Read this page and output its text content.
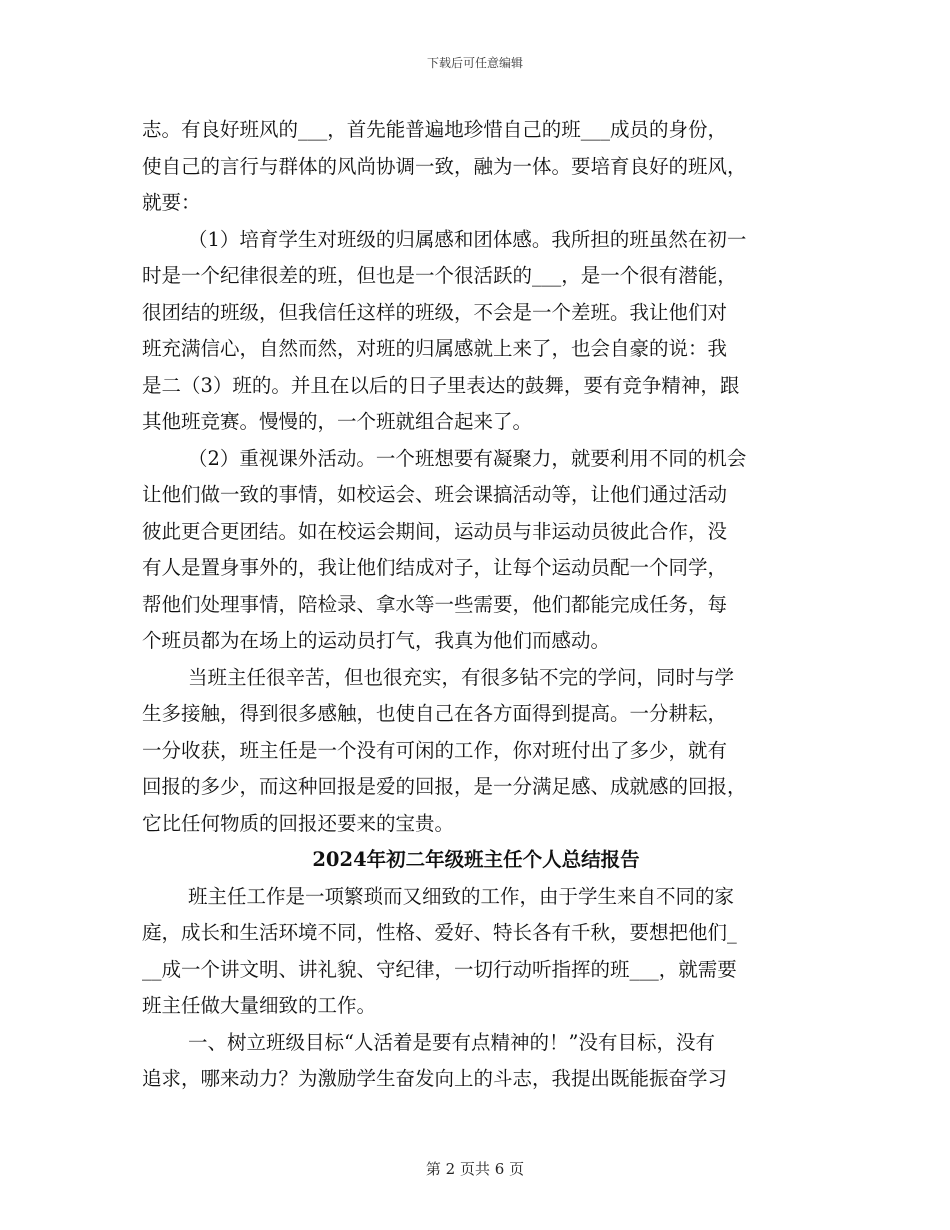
下载后可任意编辑
志。有良好班风的___，首先能普遍地珍惜自己的班___成员的身份，
使自己的言行与群体的风尚协调一致，融为一体。要培育良好的班风，
就要：
（1）培育学生对班级的归属感和团体感。我所担的班虽然在初一
时是一个纪律很差的班，但也是一个很活跃的___，是一个很有潜能，
很团结的班级，但我信任这样的班级，不会是一个差班。我让他们对
班充满信心，自然而然，对班的归属感就上来了，也会自豪的说：我
是二（3）班的。并且在以后的日子里表达的鼓舞，要有竞争精神，跟
其他班竞赛。慢慢的，一个班就组合起来了。
（2）重视课外活动。一个班想要有凝聚力，就要利用不同的机会
让他们做一致的事情，如校运会、班会课搞活动等，让他们通过活动
彼此更合更团结。如在校运会期间，运动员与非运动员彼此合作，没
有人是置身事外的，我让他们结成对子，让每个运动员配一个同学，
帮他们处理事情，陪检录、拿水等一些需要，他们都能完成任务，每
个班员都为在场上的运动员打气，我真为他们而感动。
当班主任很辛苦，但也很充实，有很多钻不完的学问，同时与学
生多接触，得到很多感触，也使自己在各方面得到提高。一分耕耘，
一分收获，班主任是一个没有可闲的工作，你对班付出了多少，就有
回报的多少，而这种回报是爱的回报，是一分满足感、成就感的回报，
它比任何物质的回报还要来的宝贵。
2024年初二年级班主任个人总结报告
班主任工作是一项繁琐而又细致的工作，由于学生来自不同的家
庭，成长和生活环境不同，性格、爱好、特长各有千秋，要想把他们_
__成一个讲文明、讲礼貌、守纪律，一切行动听指挥的班___，就需要
班主任做大量细致的工作。
一、树立班级目标“人活着是要有点精神的！”没有目标，没有
追求，哪来动力？为激励学生奋发向上的斗志，我提出既能振奋学习
第 2 页共 6 页
